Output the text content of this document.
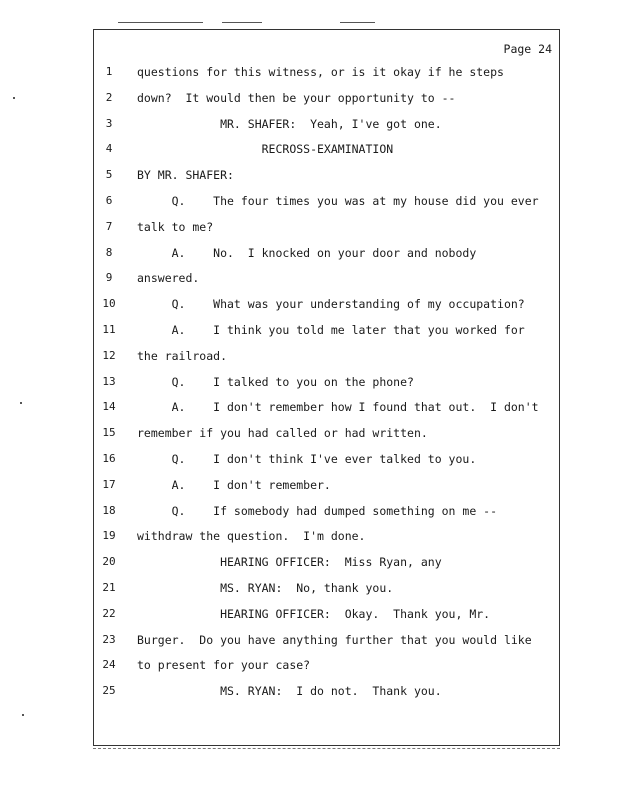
Page 24
1	questions for this witness, or is it okay if he steps
2	down?  It would then be your opportunity to --
3	MR. SHAFER:  Yeah, I've got one.
4	RECROSS-EXAMINATION
5	BY MR. SHAFER:
6	Q.    The four times you was at my house did you ever
7	talk to me?
8	A.    No.  I knocked on your door and nobody
9	answered.
10 Q.    What was your understanding of my occupation?
11 A.    I think you told me later that you worked for
12 the railroad.
13 Q.    I talked to you on the phone?
14 A.    I don't remember how I found that out.  I don't
15 remember if you had called or had written.
16 Q.    I don't think I've ever talked to you.
17 A.    I don't remember.
18 Q.    If somebody had dumped something on me --
19 withdraw the question.  I'm done.
20 HEARING OFFICER:  Miss Ryan, any
21 MS. RYAN:  No, thank you.
22 HEARING OFFICER:  Okay.  Thank you, Mr.
23 Burger.  Do you have anything further that you would like
24 to present for your case?
25 MS. RYAN:  I do not.  Thank you.
